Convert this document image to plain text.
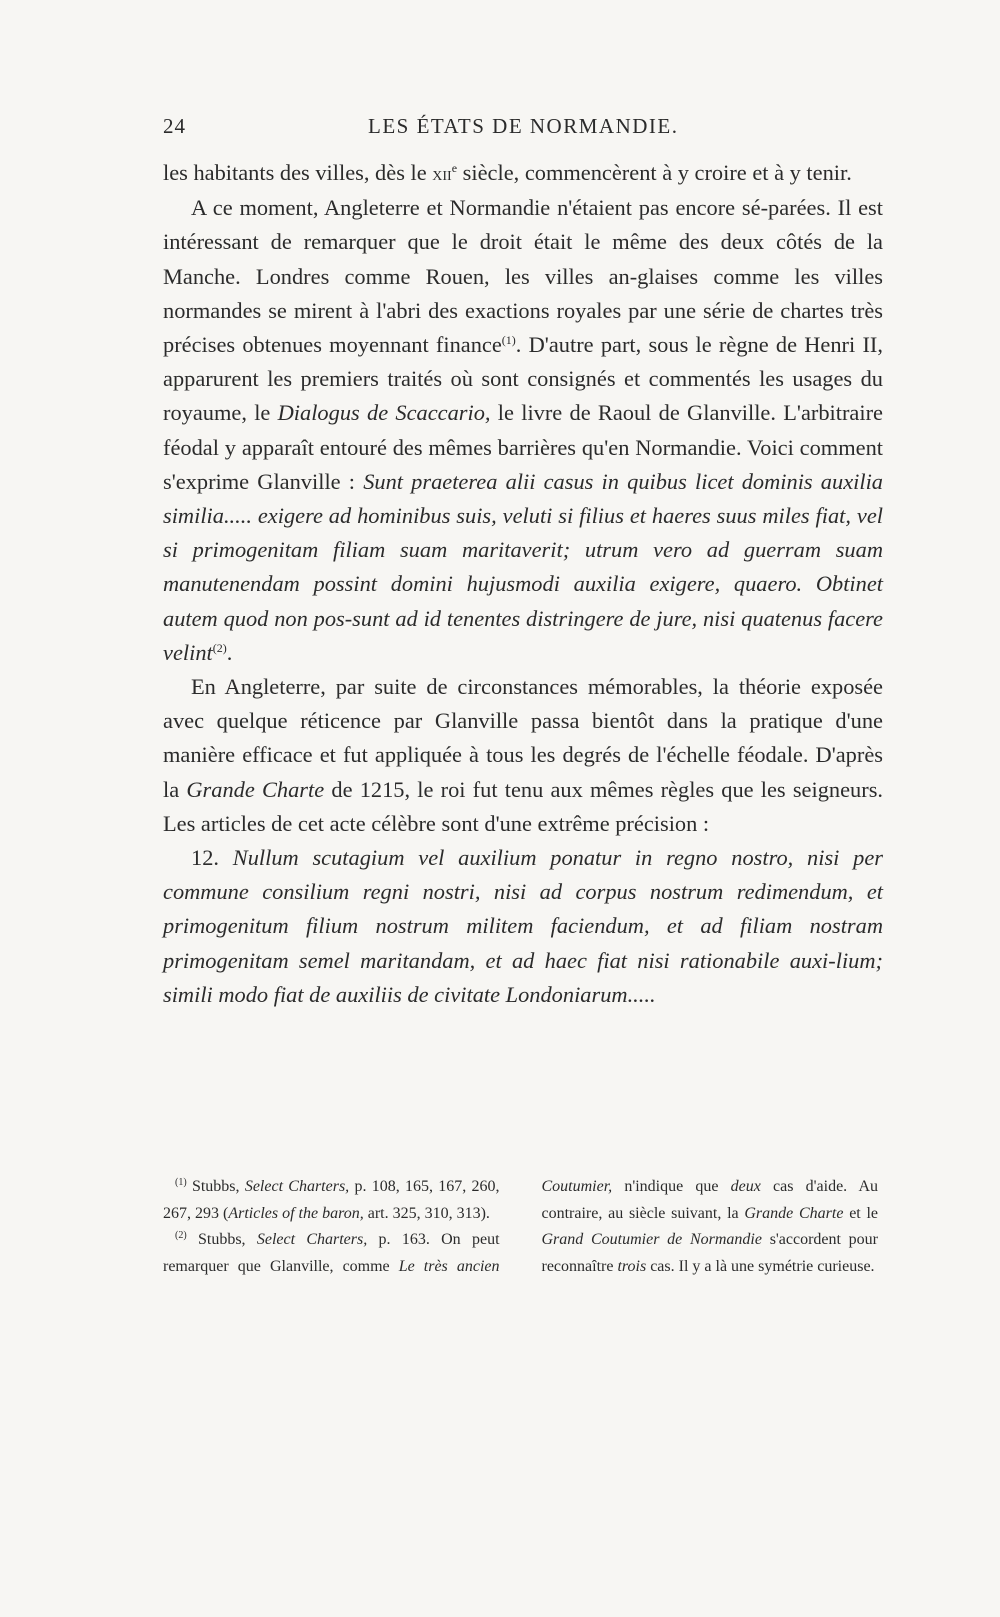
24	LES ÉTATS DE NORMANDIE.

les habitants des villes, dès le xii$^e$ siècle, commencèrent à y croire et à y tenir.

A ce moment, Angleterre et Normandie n'étaient pas encore sé-parées. Il est intéressant de remarquer que le droit était le même des deux côtés de la Manche. Londres comme Rouen, les villes an-glaises comme les villes normandes se mirent à l'abri des exactions royales par une série de chartes très précises obtenues moyennant finance$^{(1)}$. D'autre part, sous le règne de Henri II, apparurent les premiers traités où sont consignés et commentés les usages du royaume, le Dialogus de Scaccario, le livre de Raoul de Glanville. L'arbitraire féodal y apparaît entouré des mêmes barrières qu'en Normandie. Voici comment s'exprime Glanville : Sunt praeterea alii casus in quibus licet dominis auxilia similia..... exigere ad hominibus suis, veluti si filius et haeres suus miles fiat, vel si primogenitam filiam suam maritaverit; utrum vero ad guerram suam manutenendam possint domini hujusmodi auxilia exigere, quaero. Obtinet autem quod non pos-sunt ad id tenentes distringere de jure, nisi quatenus facere velint$^{(2)}$.

En Angleterre, par suite de circonstances mémorables, la théorie exposée avec quelque réticence par Glanville passa bientôt dans la pratique d'une manière efficace et fut appliquée à tous les degrés de l'échelle féodale. D'après la Grande Charte de 1215, le roi fut tenu aux mêmes règles que les seigneurs. Les articles de cet acte célèbre sont d'une extrême précision :

12. Nullum scutagium vel auxilium ponatur in regno nostro, nisi per commune consilium regni nostri, nisi ad corpus nostrum redimendum, et primogenitum filium nostrum militem faciendum, et ad filiam nostram primogenitam semel maritandam, et ad haec fiat nisi rationabile auxi-lium; simili modo fiat de auxiliis de civitate Londoniarum.....

$^{(1)}$ Stubbs, Select Charters, p. 108, 165, 167, 260, 267, 293 (Articles of the baron, art. 325, 310, 313).

$^{(2)}$ Stubbs, Select Charters, p. 163. On peut remarquer que Glanville, comme Le très ancien Coutumier, n'indique que deux cas d'aide. Au contraire, au siècle suivant, la Grande Charte et le Grand Coutumier de Normandie s'accordent pour reconnaître trois cas. Il y a là une symétrie curieuse.
